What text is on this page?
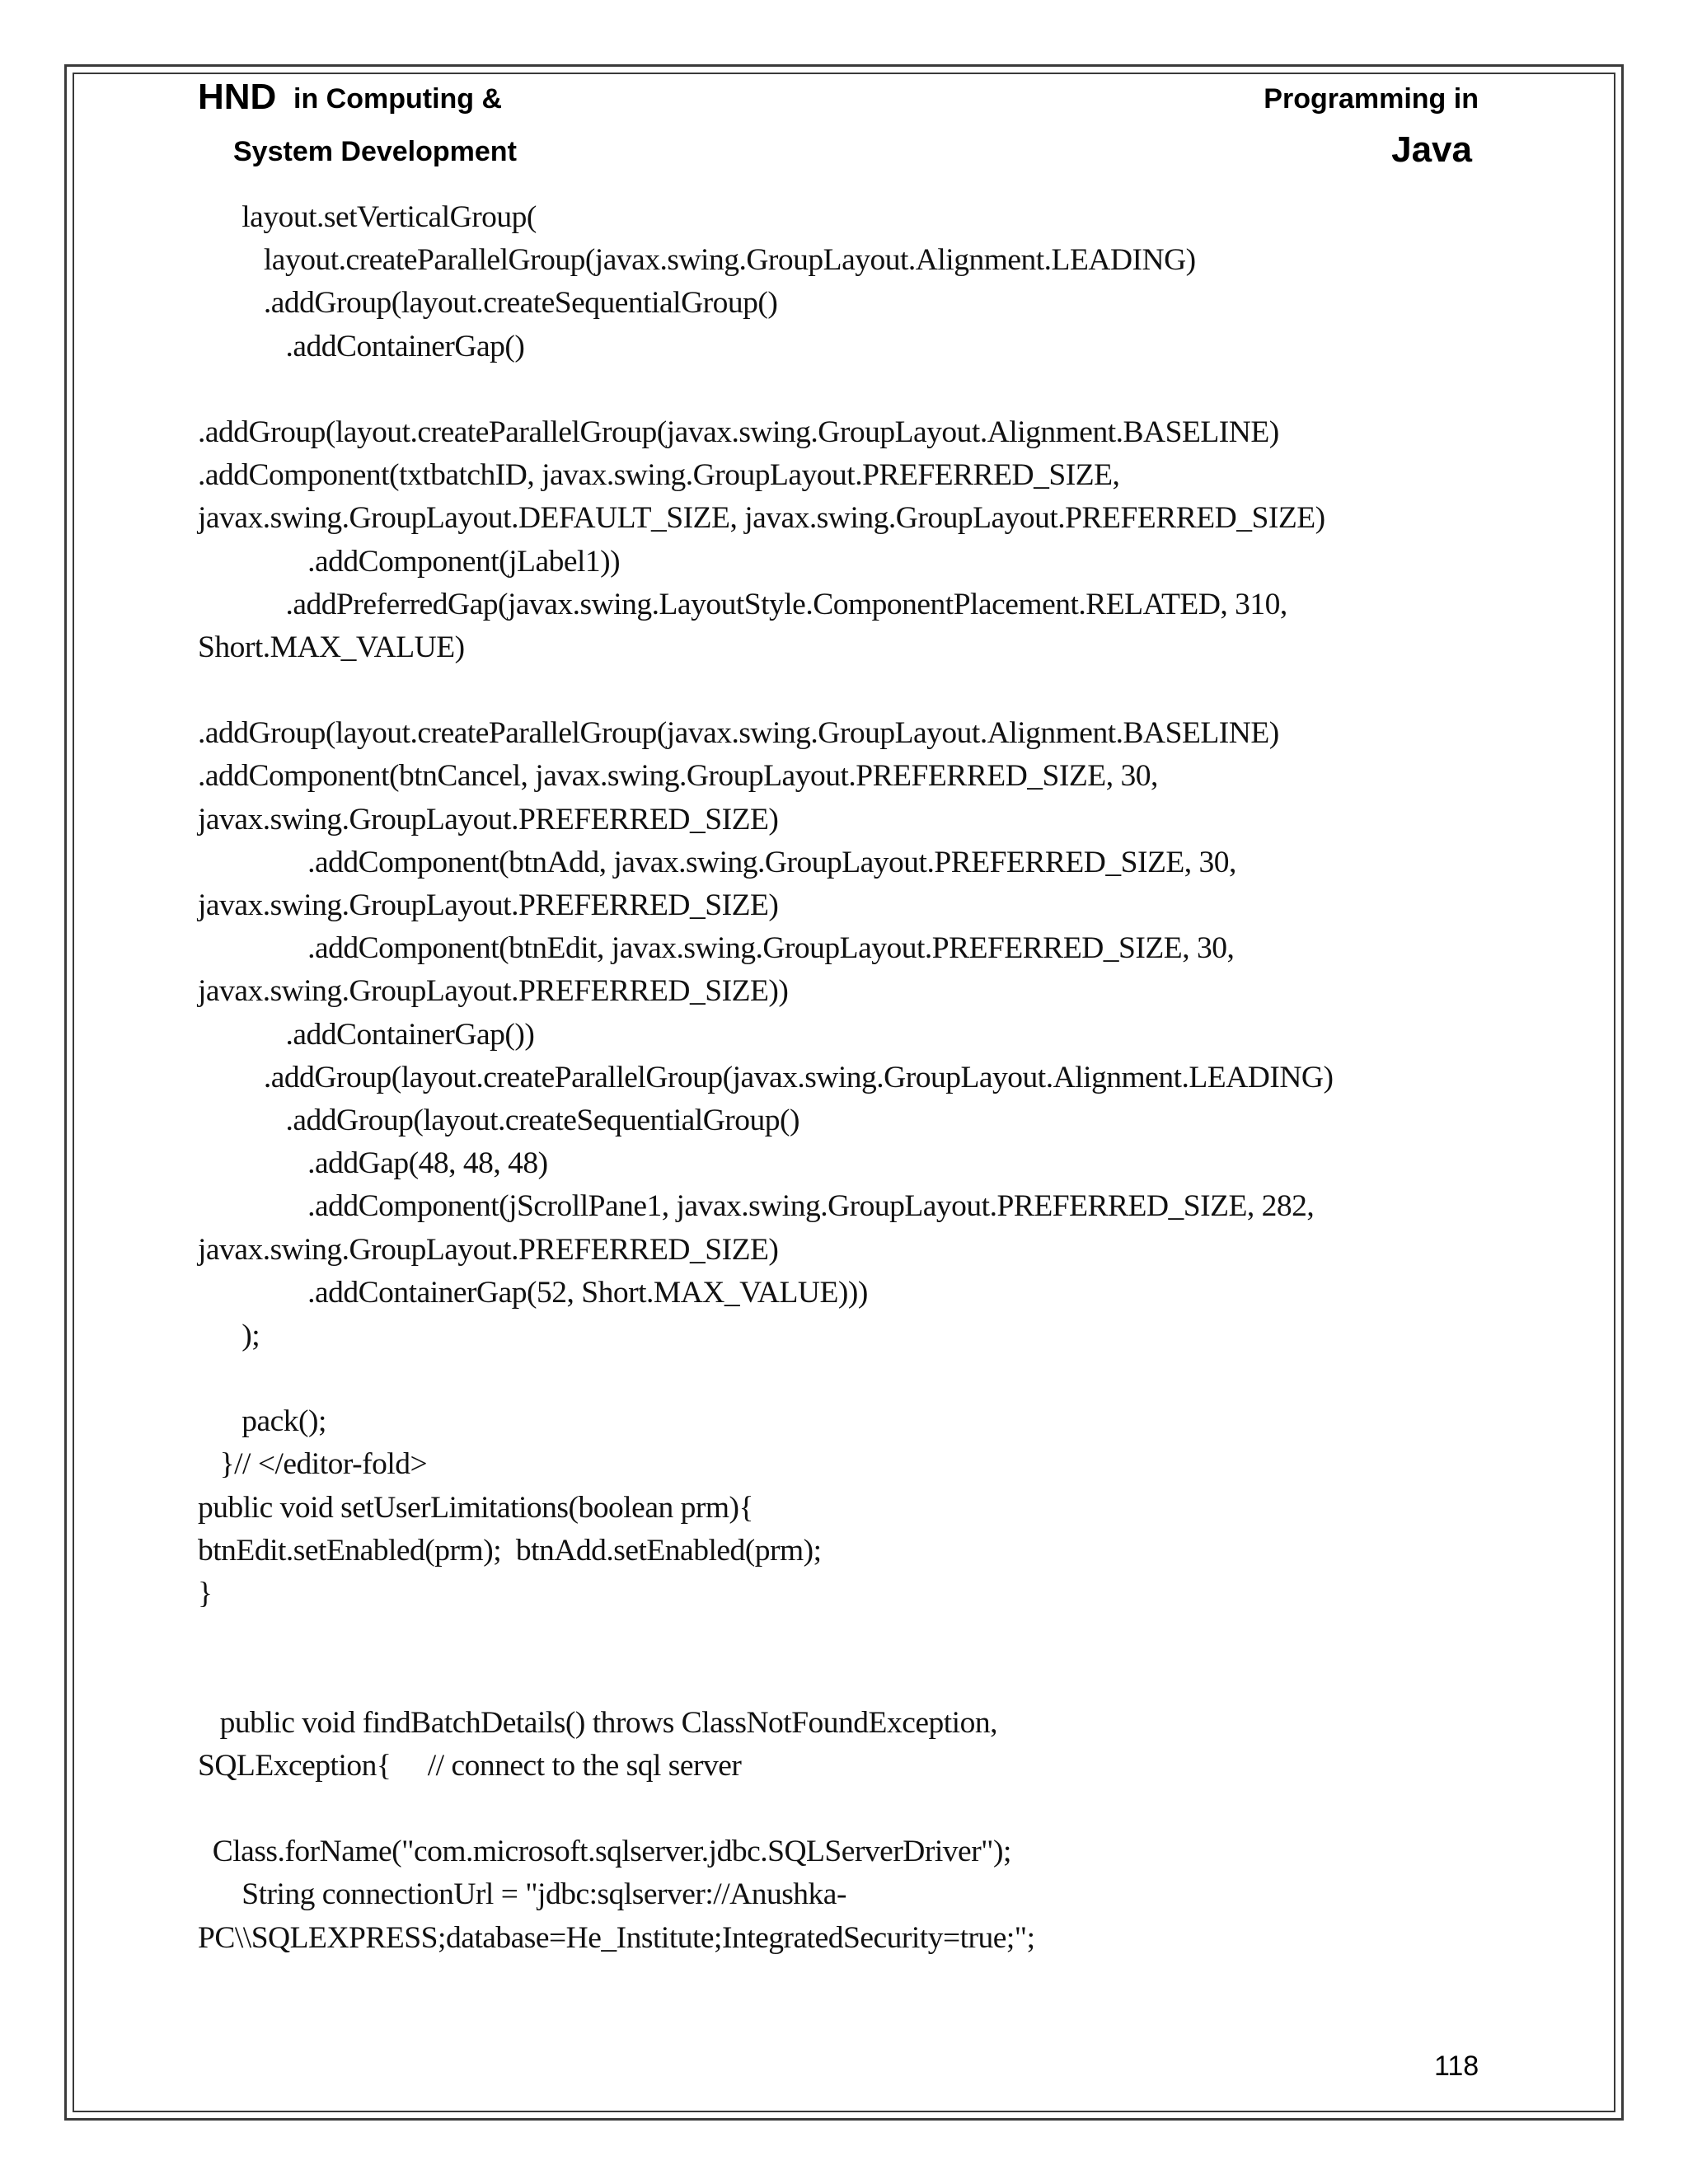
HND in Computing &
System Development
Programming in
Java
layout.setVerticalGroup(
layout.createParallelGroup(javax.swing.GroupLayout.Alignment.LEADING)
.addGroup(layout.createSequentialGroup()
.addContainerGap()
.addGroup(layout.createParallelGroup(javax.swing.GroupLayout.Alignment.BASELINE)
.addComponent(txtbatchID, javax.swing.GroupLayout.PREFERRED_SIZE,
javax.swing.GroupLayout.DEFAULT_SIZE, javax.swing.GroupLayout.PREFERRED_SIZE)
.addComponent(jLabel1))
.addPreferredGap(javax.swing.LayoutStyle.ComponentPlacement.RELATED, 310,
Short.MAX_VALUE)
.addGroup(layout.createParallelGroup(javax.swing.GroupLayout.Alignment.BASELINE)
.addComponent(btnCancel, javax.swing.GroupLayout.PREFERRED_SIZE, 30,
javax.swing.GroupLayout.PREFERRED_SIZE)
.addComponent(btnAdd, javax.swing.GroupLayout.PREFERRED_SIZE, 30,
javax.swing.GroupLayout.PREFERRED_SIZE)
.addComponent(btnEdit, javax.swing.GroupLayout.PREFERRED_SIZE, 30,
javax.swing.GroupLayout.PREFERRED_SIZE))
.addContainerGap())
.addGroup(layout.createParallelGroup(javax.swing.GroupLayout.Alignment.LEADING)
.addGroup(layout.createSequentialGroup()
.addGap(48, 48, 48)
.addComponent(jScrollPane1, javax.swing.GroupLayout.PREFERRED_SIZE, 282,
javax.swing.GroupLayout.PREFERRED_SIZE)
.addContainerGap(52, Short.MAX_VALUE)))
);
pack();
}// </editor-fold>
public void setUserLimitations(boolean prm){
btnEdit.setEnabled(prm);  btnAdd.setEnabled(prm);
}
public void findBatchDetails() throws ClassNotFoundException,
SQLException{     // connect to the sql server
Class.forName("com.microsoft.sqlserver.jdbc.SQLServerDriver");
String connectionUrl = "jdbc:sqlserver://Anushka-
PC\\SQLEXPRESS;database=He_Institute;IntegratedSecurity=true;";
118
